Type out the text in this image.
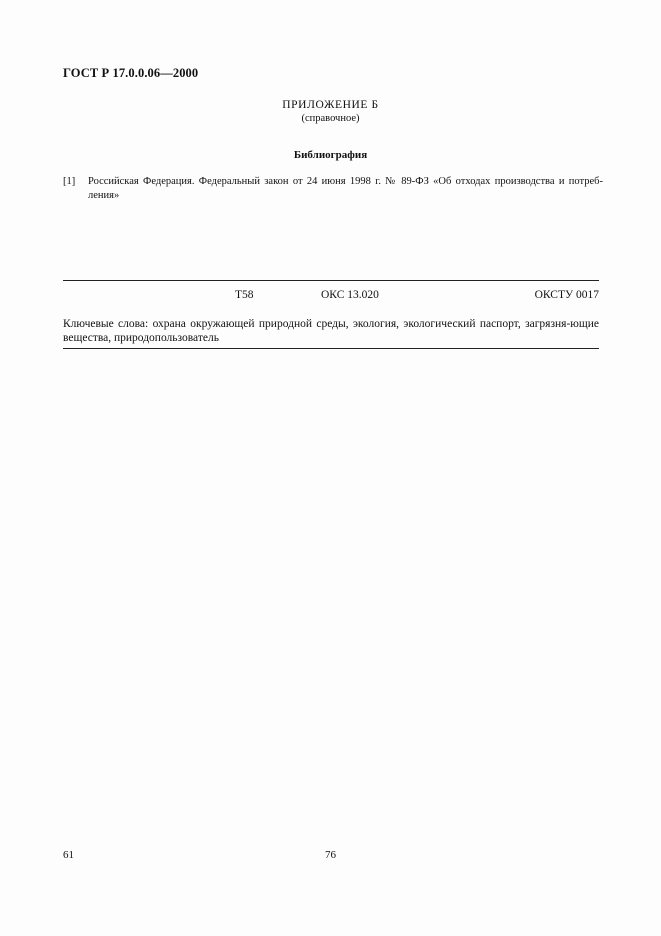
ГОСТ Р 17.0.0.06—2000
ПРИЛОЖЕНИЕ Б
(справочное)
Библиография
[1] Российская Федерация. Федеральный закон от 24 июня 1998 г. № 89-ФЗ «Об отходах производства и потреб-ления»
Т58	ОКС 13.020	ОКСТУ 0017
Ключевые слова: охрана окружающей природной среды, экология, экологический паспорт, загрязня-ющие вещества, природопользователь
61	76
